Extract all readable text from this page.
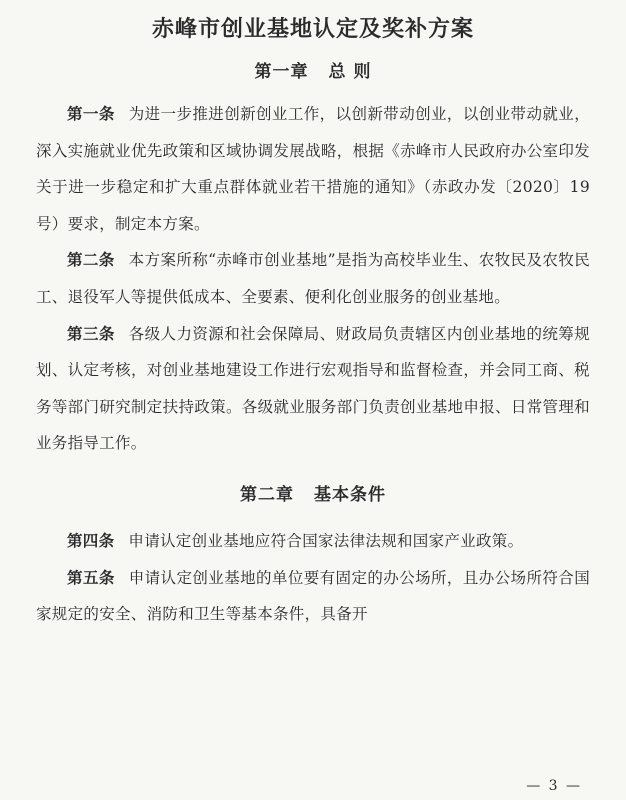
赤峰市创业基地认定及奖补方案
第一章 总 则

第一条 为进一步推进创新创业工作，以创新带动创业，以创业带动就业，深入实施就业优先政策和区域协调发展战略，根据《赤峰市人民政府办公室印发关于进一步稳定和扩大重点群体就业若干措施的通知》（赤政办发〔2020〕19号）要求，制定本方案。

第二条 本方案所称“赤峰市创业基地”是指为高校毕业生、农牧民及农牧民工、退役军人等提供低成本、全要素、便利化创业服务的创业基地。

第三条 各级人力资源和社会保障局、财政局负责辖区内创业基地的统筹规划、认定考核，对创业基地建设工作进行宏观指导和监督检查，并会同工商、税务等部门研究制定扶持政策。各级就业服务部门负责创业基地申报、日常管理和业务指导工作。

第二章 基本条件

第四条 申请认定创业基地应符合国家法律法规和国家产业政策。

第五条 申请认定创业基地的单位要有固定的办公场所，且办公场所符合国家规定的安全、消防和卫生等基本条件，具备开

— 3 —
